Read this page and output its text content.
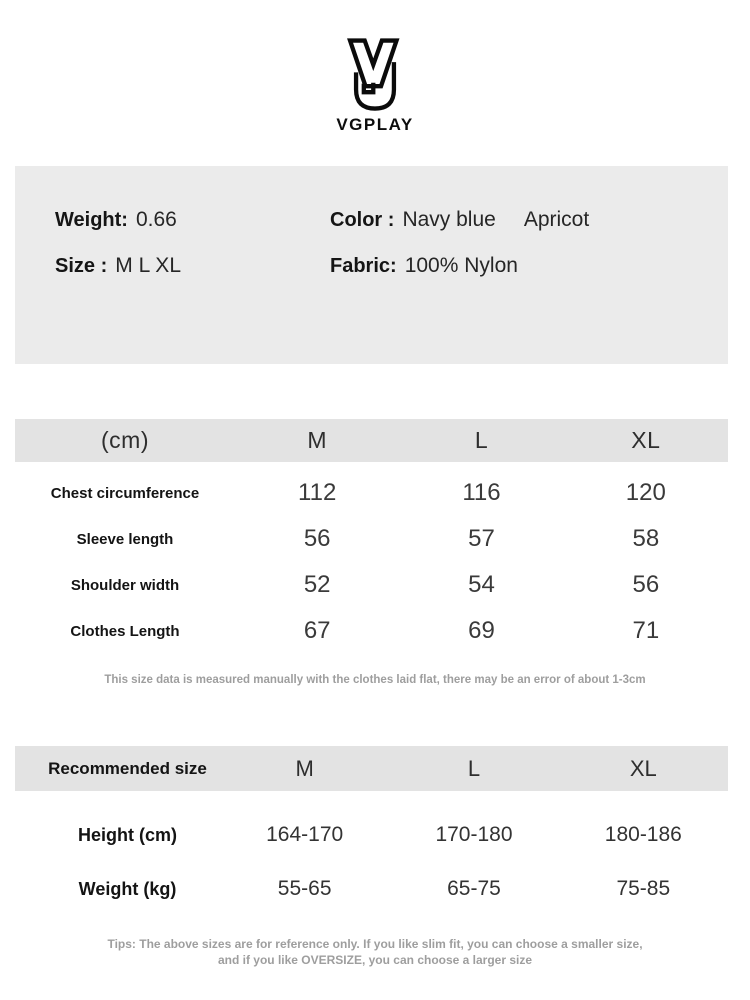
VGPLAY
Weight: 0.66	Color : Navy blue Apricot
Size : M L XL	Fabric: 100% Nylon
(cm)	M	L	XL
Chest circumference	112	116	120
Sleeve length	56	57	58
Shoulder width	52	54	56
Clothes Length	67	69	71
This size data is measured manually with the clothes laid flat, there may be an error of about 1-3cm
Recommended size	M	L	XL
Height (cm)	164-170	170-180	180-186
Weight (kg)	55-65	65-75	75-85
Tips: The above sizes are for reference only. If you like slim fit, you can choose a smaller size,
and if you like OVERSIZE, you can choose a larger size
